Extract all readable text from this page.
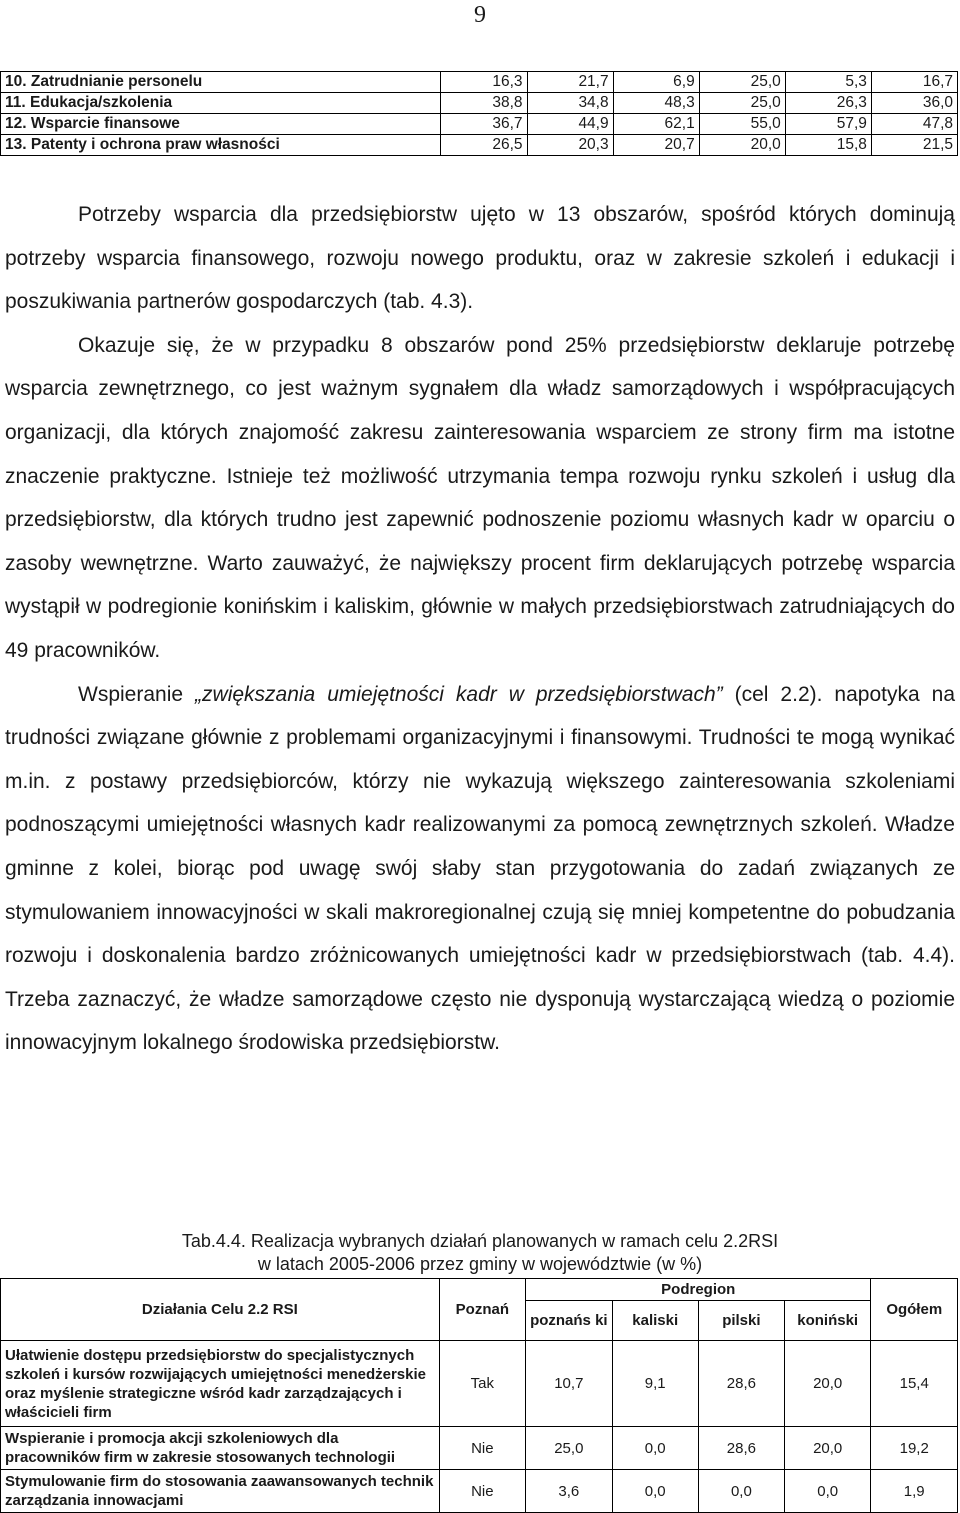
9
10. Zatrudnianie personelu	16,3	21,7	6,9	25,0	5,3	16,7
11. Edukacja/szkolenia	38,8	34,8	48,3	25,0	26,3	36,0
12. Wsparcie finansowe	36,7	44,9	62,1	55,0	57,9	47,8
13. Patenty i ochrona praw własności	26,5	20,3	20,7	20,0	15,8	21,5

Potrzeby wsparcia dla przedsiębiorstw ujęto w 13 obszarów, spośród których dominują potrzeby wsparcia finansowego, rozwoju nowego produktu, oraz w zakresie szkoleń i edukacji i poszukiwania partnerów gospodarczych (tab. 4.3).

Okazuje się, że w przypadku 8 obszarów pond 25% przedsiębiorstw deklaruje potrzebę wsparcia zewnętrznego, co jest ważnym sygnałem dla władz samorządowych i współpracujących organizacji, dla których znajomość zakresu zainteresowania wsparciem ze strony firm ma istotne znaczenie praktyczne. Istnieje też możliwość utrzymania tempa rozwoju rynku szkoleń i usług dla przedsiębiorstw, dla których trudno jest zapewnić podnoszenie poziomu własnych kadr w oparciu o zasoby wewnętrzne. Warto zauważyć, że największy procent firm deklarujących potrzebę wsparcia wystąpił w podregionie konińskim i kaliskim, głównie w małych przedsiębiorstwach zatrudniających do 49 pracowników.

Wspieranie „zwiększania umiejętności kadr w przedsiębiorstwach” (cel 2.2). napotyka na trudności związane głównie z problemami organizacyjnymi i finansowymi. Trudności te mogą wynikać m.in. z postawy przedsiębiorców, którzy nie wykazują większego zainteresowania szkoleniami podnoszącymi umiejętności własnych kadr realizowanymi za pomocą zewnętrznych szkoleń. Władze gminne z kolei, biorąc pod uwagę swój słaby stan przygotowania do zadań związanych ze stymulowaniem innowacyjności w skali makroregionalnej czują się mniej kompetentne do pobudzania rozwoju i doskonalenia bardzo zróżnicowanych umiejętności kadr w przedsiębiorstwach (tab. 4.4). Trzeba zaznaczyć, że władze samorządowe często nie dysponują wystarczającą wiedzą o poziomie innowacyjnym lokalnego środowiska przedsiębiorstw.

Tab.4.4. Realizacja wybranych działań planowanych w ramach celu 2.2RSI
w latach 2005-2006 przez gminy w województwie (w %)
Działania Celu 2.2 RSI	Poznań	Podregion				Ogółem
		poznańs ki	kaliski	pilski	koniński	
Ułatwienie dostępu przedsiębiorstw do specjalistycznych szkoleń i kursów rozwijających umiejętności menedżerskie oraz myślenie strategiczne wśród kadr zarządzających i właścicieli firm	Tak	10,7	9,1	28,6	20,0	15,4
Wspieranie i promocja akcji szkoleniowych dla pracowników firm w zakresie stosowanych technologii	Nie	25,0	0,0	28,6	20,0	19,2
Stymulowanie firm do stosowania zaawansowanych technik zarządzania innowacjami	Nie	3,6	0,0	0,0	0,0	1,9
